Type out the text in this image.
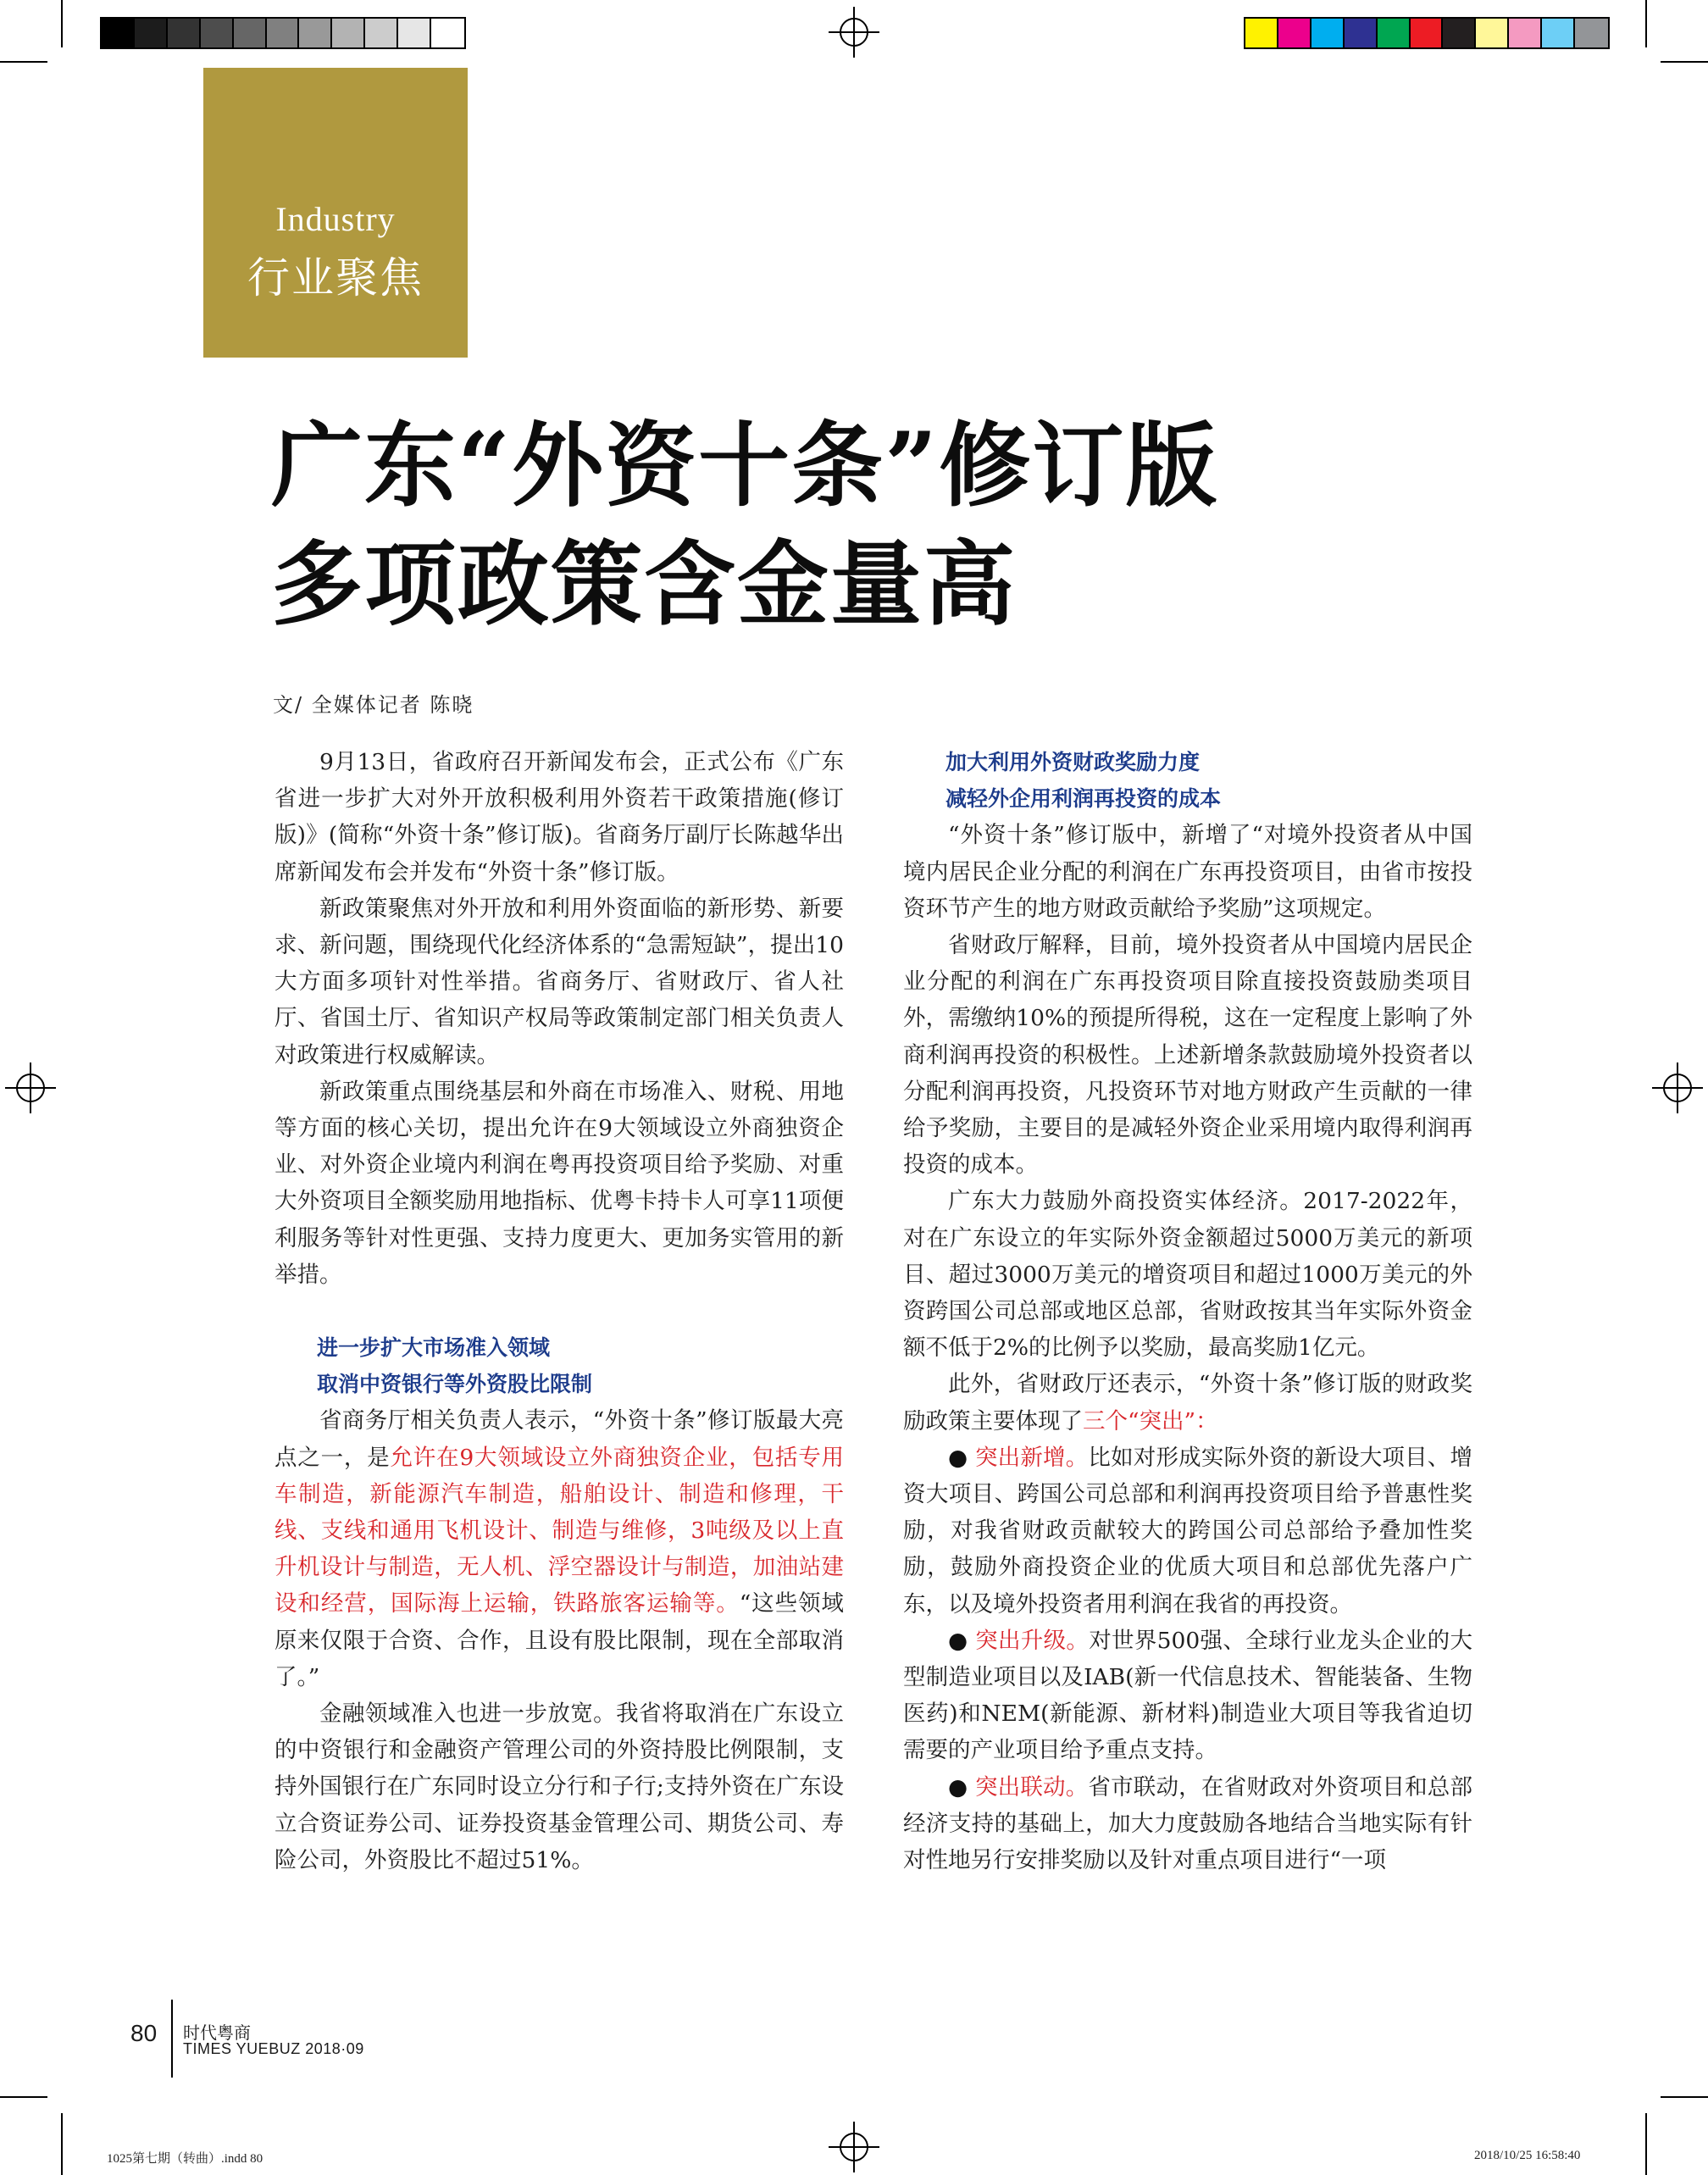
Industry
行业聚焦
广东“外资十条”修订版
多项政策含金量高
文/ 全媒体记者 陈晓

9月13日，省政府召开新闻发布会，正式公布《广东省进一步扩大对外开放积极利用外资若干政策措施(修订版)》(简称“外资十条”修订版)。省商务厅副厅长陈越华出席新闻发布会并发布“外资十条”修订版。

新政策聚焦对外开放和利用外资面临的新形势、新要求、新问题，围绕现代化经济体系的“急需短缺”，提出10大方面多项针对性举措。省商务厅、省财政厅、省人社厅、省国土厅、省知识产权局等政策制定部门相关负责人对政策进行权威解读。

新政策重点围绕基层和外商在市场准入、财税、用地等方面的核心关切，提出允许在9大领域设立外商独资企业、对外资企业境内利润在粤再投资项目给予奖励、对重大外资项目全额奖励用地指标、优粤卡持卡人可享11项便利服务等针对性更强、支持力度更大、更加务实管用的新举措。

进一步扩大市场准入领域
取消中资银行等外资股比限制

省商务厅相关负责人表示，“外资十条”修订版最大亮点之一，是允许在9大领域设立外商独资企业，包括专用车制造，新能源汽车制造，船舶设计、制造和修理，干线、支线和通用飞机设计、制造与维修，3吨级及以上直升机设计与制造，无人机、浮空器设计与制造，加油站建设和经营，国际海上运输，铁路旅客运输等。“这些领域原来仅限于合资、合作，且设有股比限制，现在全部取消了。”

金融领域准入也进一步放宽。我省将取消在广东设立的中资银行和金融资产管理公司的外资持股比例限制，支持外国银行在广东同时设立分行和子行;支持外资在广东设立合资证券公司、证券投资基金管理公司、期货公司、寿险公司，外资股比不超过51%。

加大利用外资财政奖励力度
减轻外企用利润再投资的成本

“外资十条”修订版中，新增了“对境外投资者从中国境内居民企业分配的利润在广东再投资项目，由省市按投资环节产生的地方财政贡献给予奖励”这项规定。

省财政厅解释，目前，境外投资者从中国境内居民企业分配的利润在广东再投资项目除直接投资鼓励类项目外，需缴纳10%的预提所得税，这在一定程度上影响了外商利润再投资的积极性。上述新增条款鼓励境外投资者以分配利润再投资，凡投资环节对地方财政产生贡献的一律给予奖励，主要目的是减轻外资企业采用境内取得利润再投资的成本。

广东大力鼓励外商投资实体经济。2017-2022年，对在广东设立的年实际外资金额超过5000万美元的新项目、超过3000万美元的增资项目和超过1000万美元的外资跨国公司总部或地区总部，省财政按其当年实际外资金额不低于2%的比例予以奖励，最高奖励1亿元。

此外，省财政厅还表示，“外资十条”修订版的财政奖励政策主要体现了三个“突出”：

● 突出新增。比如对形成实际外资的新设大项目、增资大项目、跨国公司总部和利润再投资项目给予普惠性奖励，对我省财政贡献较大的跨国公司总部给予叠加性奖励，鼓励外商投资企业的优质大项目和总部优先落户广东，以及境外投资者用利润在我省的再投资。

● 突出升级。对世界500强、全球行业龙头企业的大型制造业项目以及IAB(新一代信息技术、智能装备、生物医药)和NEM(新能源、新材料)制造业大项目等我省迫切需要的产业项目给予重点支持。

● 突出联动。省市联动，在省财政对外资项目和总部经济支持的基础上，加大力度鼓励各地结合当地实际有针对性地另行安排奖励以及针对重点项目进行“一项

80 时代粤商
TIMES YUEBUZ 2018·09
1025第七期（转曲）.indd 80	2018/10/25 16:58:40
